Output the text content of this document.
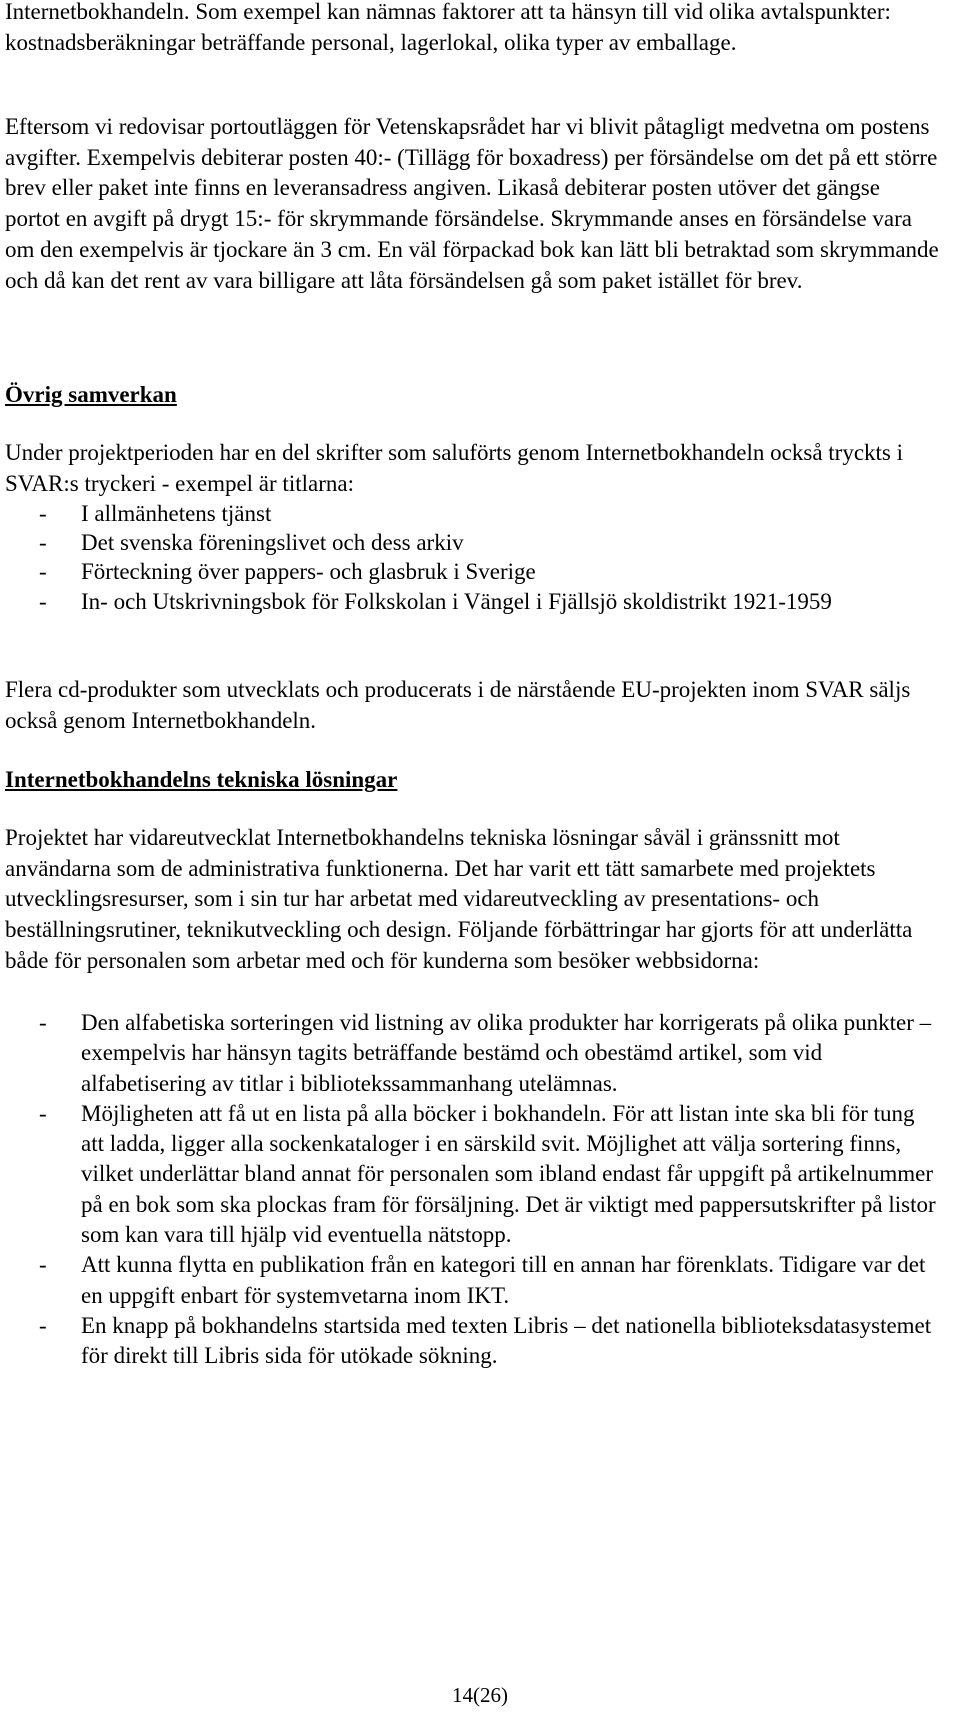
Internetbokhandeln. Som exempel kan nämnas faktorer att ta hänsyn till vid olika avtalspunkter: kostnadsberäkningar beträffande personal, lagerlokal, olika typer av emballage.

Eftersom vi redovisar portoutläggen för Vetenskapsrådet har vi blivit påtagligt medvetna om postens avgifter. Exempelvis debiterar posten 40:- (Tillägg för boxadress) per försändelse om det på ett större brev eller paket inte finns en leveransadress angiven. Likaså debiterar posten utöver det gängse portot en avgift på drygt 15:- för skrymmande försändelse. Skrymmande anses en försändelse vara om den exempelvis är tjockare än 3 cm. En väl förpackad bok kan lätt bli betraktad som skrymmande och då kan det rent av vara billigare att låta försändelsen gå som paket istället för brev.

Övrig samverkan

Under projektperioden har en del skrifter som saluförts genom Internetbokhandeln också tryckts i SVAR:s tryckeri - exempel är titlarna:

- I allmänhetens tjänst
- Det svenska föreningslivet och dess arkiv
- Förteckning över pappers- och glasbruk i Sverige
- In- och Utskrivningsbok för Folkskolan i Vängel i Fjällsjö skoldistrikt 1921-1959

Flera cd-produkter som utvecklats och producerats i de närstående EU-projekten inom SVAR säljs också genom Internetbokhandeln.

Internetbokhandelns tekniska lösningar

Projektet har vidareutvecklat Internetbokhandelns tekniska lösningar såväl i gränssnitt mot användarna som de administrativa funktionerna. Det har varit ett tätt samarbete med projektets utvecklingsresurser, som i sin tur har arbetat med vidareutveckling av presentations- och beställningsrutiner, teknikutveckling och design. Följande förbättringar har gjorts för att underlätta både för personalen som arbetar med och för kunderna som besöker webbsidorna:

- Den alfabetiska sorteringen vid listning av olika produkter har korrigerats på olika punkter – exempelvis har hänsyn tagits beträffande bestämd och obestämd artikel, som vid alfabetisering av titlar i bibliotekssammanhang utelämnas.
- Möjligheten att få ut en lista på alla böcker i bokhandeln. För att listan inte ska bli för tung att ladda, ligger alla sockenkataloger i en särskild svit. Möjlighet att välja sortering finns, vilket underlättar bland annat för personalen som ibland endast får uppgift på artikelnummer på en bok som ska plockas fram för försäljning. Det är viktigt med pappersutskrifter på listor som kan vara till hjälp vid eventuella nätstopp.
- Att kunna flytta en publikation från en kategori till en annan har förenklats. Tidigare var det en uppgift enbart för systemvetarna inom IKT.
- En knapp på bokhandelns startsida med texten Libris – det nationella biblioteksdatasystemet för direkt till Libris sida för utökade sökning.
14(26)
